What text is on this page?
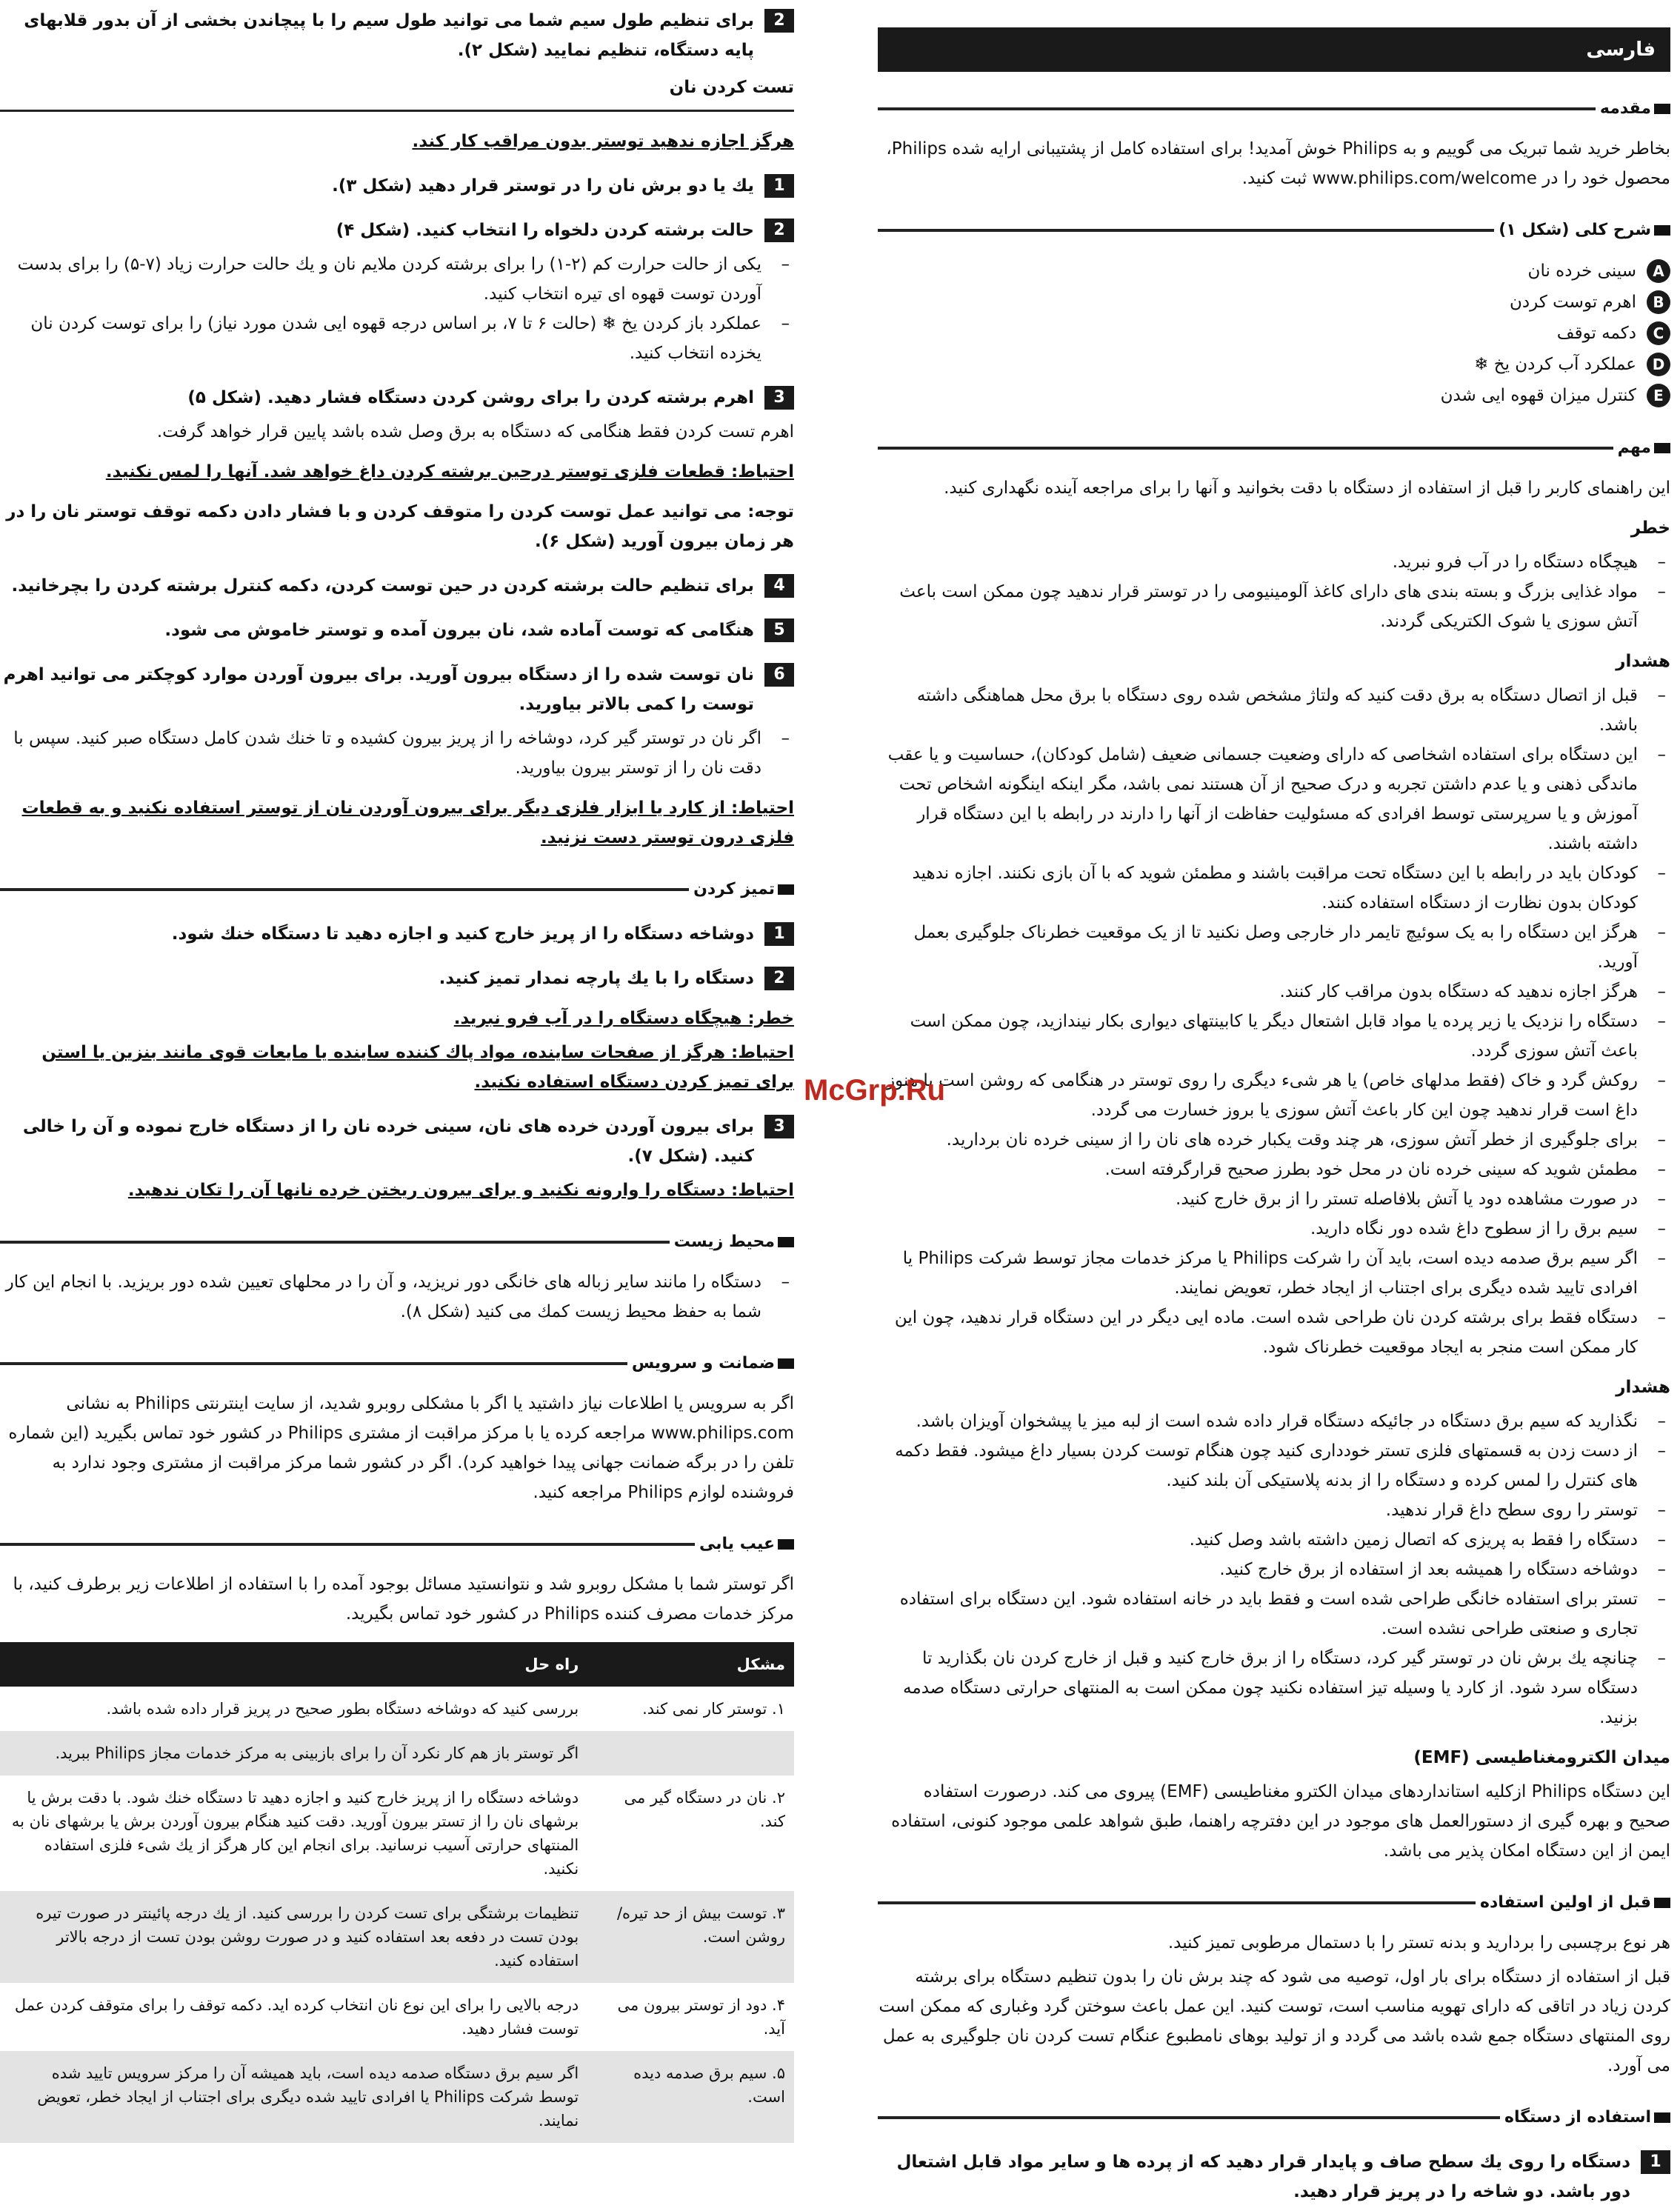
فارسی
مقدمه

بخاطر خرید شما تبریک می گوییم و به Philips خوش آمدید! برای استفاده کامل از پشتیبانی ارایه شده Philips، محصول خود را در www.philips.com/welcome ثبت کنید.

شرح کلی (شکل ۱)
A
سینی خرده نان
B
اهرم توست کردن
C
دکمه توقف
D
عملکرد آب کردن یخ ❄
E
کنترل میزان قهوه ایی شدن
مهم

این راهنمای کاربر را قبل از استفاده از دستگاه با دقت بخوانید و آنها را برای مراجعه آینده نگهداری کنید.

خطر

– هیچگاه دستگاه را در آب فرو نبرید.

– مواد غذایی بزرگ و بسته بندی های دارای کاغذ آلومینیومی را در توستر قرار ندهید چون ممکن است باعث آتش سوزی یا شوک الکتریکی گردند.

هشدار

– قبل از اتصال دستگاه به برق دقت کنید که ولتاژ مشخص شده روی دستگاه با برق محل هماهنگی داشته باشد.

– این دستگاه برای استفاده اشخاصی که دارای وضعیت جسمانی ضعیف (شامل کودکان)، حساسیت و یا عقب ماندگی ذهنی و یا عدم داشتن تجربه و درک صحیح از آن هستند نمی باشد، مگر اینکه اینگونه اشخاص تحت آموزش و یا سرپرستی توسط افرادی که مسئولیت حفاظت از آنها را دارند در رابطه با این دستگاه قرار داشته باشند.

– کودکان باید در رابطه با این دستگاه تحت مراقبت باشند و مطمئن شوید که با آن بازی نکنند. اجازه ندهید کودکان بدون نظارت از دستگاه استفاده کنند.

– هرگز این دستگاه را به یک سوئیچ تایمر دار خارجی وصل نکنید تا از یک موقعیت خطرناک جلوگیری بعمل آورید.

– هرگز اجازه ندهید که دستگاه بدون مراقب کار کنند.

– دستگاه را نزدیک یا زیر پرده یا مواد قابل اشتعال دیگر یا کابینتهای دیواری بکار نیندازید، چون ممکن است باعث آتش سوزی گردد.

– روکش گرد و خاک (فقط مدلهای خاص) یا هر شیء دیگری را روی توستر در هنگامی که روشن است یا هنوز داغ است قرار ندهید چون این کار باعث آتش سوزی یا بروز خسارت می گردد.

– برای جلوگیری از خطر آتش سوزی، هر چند وقت یکبار خرده های نان را از سینی خرده نان بردارید.

– مطمئن شوید که سینی خرده نان در محل خود بطرز صحیح قرارگرفته است.

– در صورت مشاهده دود یا آتش بلافاصله تستر را از برق خارج کنید.

– سیم برق را از سطوح داغ شده دور نگاه دارید.

– اگر سیم برق صدمه دیده است، باید آن را شرکت Philips یا مرکز خدمات مجاز توسط شرکت Philips یا افرادی تایید شده دیگری برای اجتناب از ایجاد خطر، تعویض نمایند.

– دستگاه فقط برای برشته کردن نان طراحی شده است. ماده ایی دیگر در این دستگاه قرار ندهید، چون این کار ممکن است منجر به ایجاد موقعیت خطرناک شود.

هشدار

– نگذارید که سیم برق دستگاه در جائیکه دستگاه قرار داده شده است از لبه میز یا پیشخوان آویزان باشد.

– از دست زدن به قسمتهای فلزی تستر خودداری کنید چون هنگام توست کردن بسیار داغ میشود. فقط دکمه های کنترل را لمس کرده و دستگاه را از بدنه پلاستیکی آن بلند کنید.

– توستر را روی سطح داغ قرار ندهید.

– دستگاه را فقط به پریزی که اتصال زمین داشته باشد وصل کنید.

– دوشاخه دستگاه را همیشه بعد از استفاده از برق خارج کنید.

– تستر برای استفاده خانگی طراحی شده است و فقط باید در خانه استفاده شود. این دستگاه برای استفاده تجاری و صنعتی طراحی نشده است.

– چنانچه یك برش نان در توستر گیر کرد، دستگاه را از برق خارج کنید و قبل از خارج کردن نان بگذارید تا دستگاه سرد شود. از کارد یا وسیله تیز استفاده نکنید چون ممکن است به المنتهای حرارتی دستگاه صدمه بزنید.

میدان الکترومغناطیسی (EMF)

این دستگاه Philips ازکلیه استانداردهای میدان الکترو مغناطیسی (EMF) پیروی می کند. درصورت استفاده صحیح و بهره گیری از دستورالعمل های موجود در این دفترچه راهنما، طبق شواهد علمی موجود کنونی، استفاده ایمن از این دستگاه امکان پذیر می باشد.

قبل از اولین استفاده

هر نوع برچسبی را بردارید و بدنه تستر را با دستمال مرطوبی تمیز کنید.

قبل از استفاده از دستگاه برای بار اول، توصیه می شود که چند برش نان را بدون تنظیم دستگاه برای برشته کردن زیاد در اتاقی که دارای تهویه مناسب است، توست کنید. این عمل باعث سوختن گرد وغباری که ممکن است روی المنتهای دستگاه جمع شده باشد می گردد و از تولید بوهای نامطبوع عنگام تست کردن نان جلوگیری به عمل می آورد.

استفاده از دستگاه
1
دستگاه را روی یك سطح صاف و پایدار قرار دهید که از پرده ها و سایر مواد قابل اشتعال دور باشد. دو شاخه را در پریز قرار دهید.
2
برای تنظیم طول سیم شما می توانید طول سیم را با پیچاندن بخشی از آن بدور قلابهای پایه دستگاه، تنظیم نمایید (شکل ۲).

تست کردن نان

هرگز اجازه ندهید توستر بدون مراقب کار کند.

1
یك یا دو برش نان را در توستر قرار دهید (شكل ۳).
2
حالت برشته کردن دلخواه را انتخاب کنید. (شكل ۴)

– یکی از حالت حرارت کم (۲-۱) را برای برشته کردن ملایم نان و یك حالت حرارت زیاد (۷-۵) را برای بدست آوردن توست قهوه ای تیره انتخاب کنید.

– عملکرد باز کردن یخ ❄ (حالت ۶ تا ۷، بر اساس درجه قهوه ایی شدن مورد نیاز) را برای توست کردن نان یخزده انتخاب کنید.

3
اهرم برشته کردن را برای روشن کردن دستگاه فشار دهید. (شكل ۵)

اهرم تست کردن فقط هنگامی که دستگاه به برق وصل شده باشد پایین قرار خواهد گرفت.

احتیاط: قطعات فلزی توستر درحین برشته کردن داغ خواهد شد. آنها را لمس نکنید.

توجه: می توانید عمل توست کردن را متوقف کردن و با فشار دادن دکمه توقف توستر نان را در هر زمان بیرون آورید (شکل ۶).

4
برای تنظیم حالت برشته کردن در حین توست کردن، دکمه کنترل برشته کردن را بچرخانید.
5
هنگامی که توست آماده شد، نان بیرون آمده و توستر خاموش می شود.
6
نان توست شده را از دستگاه بیرون آورید. برای بیرون آوردن موارد کوچکتر می توانید اهرم توست را کمی بالاتر بیاورید.

– اگر نان در توستر گیر کرد، دوشاخه را از پریز بیرون کشیده و تا خنك شدن کامل دستگاه صبر کنید. سپس با دقت نان را از توستر بیرون بیاورید.

احتیاط: از کارد یا ابزار فلزی دیگر برای بیرون آوردن نان از توستر استفاده نکنید و به قطعات فلزی درون توستر دست نزنید.

تمیز کردن
1
دوشاخه دستگاه را از پریز خارج کنید و اجازه دهید تا دستگاه خنك شود.
2
دستگاه را با یك پارچه نمدار تمیز کنید.

خطر: هیچگاه دستگاه را در آب فرو نبرید.

احتیاط: هرگز از صفحات ساینده، مواد پاك کننده ساینده یا مایعات قوی مانند بنزین یا استن برای تمیز کردن دستگاه استفاده نکنید.

3
برای بیرون آوردن خرده های نان، سینی خرده نان را از دستگاه خارج نموده و آن را خالی کنید. (شکل ۷).

احتیاط: دستگاه را وارونه نکنید و برای بیرون ریختن خرده نانها آن را تکان ندهید.

محیط زیست

– دستگاه را مانند سایر زباله های خانگی دور نریزید، و آن را در محلهای تعیین شده دور بریزید. با انجام این کار شما به حفظ محیط زیست کمك می کنید (شکل ۸).

ضمانت و سرویس

اگر به سرویس یا اطلاعات نیاز داشتید یا اگر با مشکلی روبرو شدید، از سایت اینترنتی Philips به نشانی www.philips.com مراجعه کرده یا با مرکز مراقبت از مشتری Philips در کشور خود تماس بگیرید (این شماره تلفن را در برگه ضمانت جهانی پیدا خواهید کرد). اگر در کشور شما مرکز مراقبت از مشتری وجود ندارد به فروشنده لوازم Philips مراجعه کنید.

عیب یابی

اگر توستر شما با مشکل روبرو شد و نتوانستید مسائل بوجود آمده را با استفاده از اطلاعات زیر برطرف کنید، با مرکز خدمات مصرف کننده Philips در کشور خود تماس بگیرید.

مشکل	راه حل
۱. توستر کار نمی کند.	بررسی کنید که دوشاخه دستگاه بطور صحیح در پریز قرار داده شده باشد.
	اگر توستر باز هم کار نکرد آن را برای بازبینی به مرکز خدمات مجاز Philips ببرید.
۲. نان در دستگاه گیر می کند.	دوشاخه دستگاه را از پریز خارج کنید و اجازه دهید تا دستگاه خنك شود. با دقت برش یا برشهای نان را از تستر بیرون آورید. دقت کنید هنگام بیرون آوردن برش یا برشهای نان به المنتهای حرارتی آسیب نرسانید. برای انجام این کار هرگز از یك شیء فلزی استفاده نکنید.
۳. توست بیش از حد تیره/روشن است.	تنظیمات برشتگی برای تست کردن را بررسی کنید. از یك درجه پائینتر در صورت تیره بودن تست در دفعه بعد استفاده کنید و در صورت روشن بودن تست از درجه بالاتر استفاده کنید.
۴. دود از توستر بیرون می آید.	درجه بالایی را برای این نوع نان انتخاب کرده اید. دکمه توقف را برای متوقف کردن عمل توست فشار دهید.
۵. سیم برق صدمه دیده است.	اگر سیم برق دستگاه صدمه دیده است، باید همیشه آن را مرکز سرویس تایید شده توسط شرکت Philips یا افرادی تایید شده دیگری برای اجتناب از ایجاد خطر، تعویض نمایند.
McGrp.Ru
